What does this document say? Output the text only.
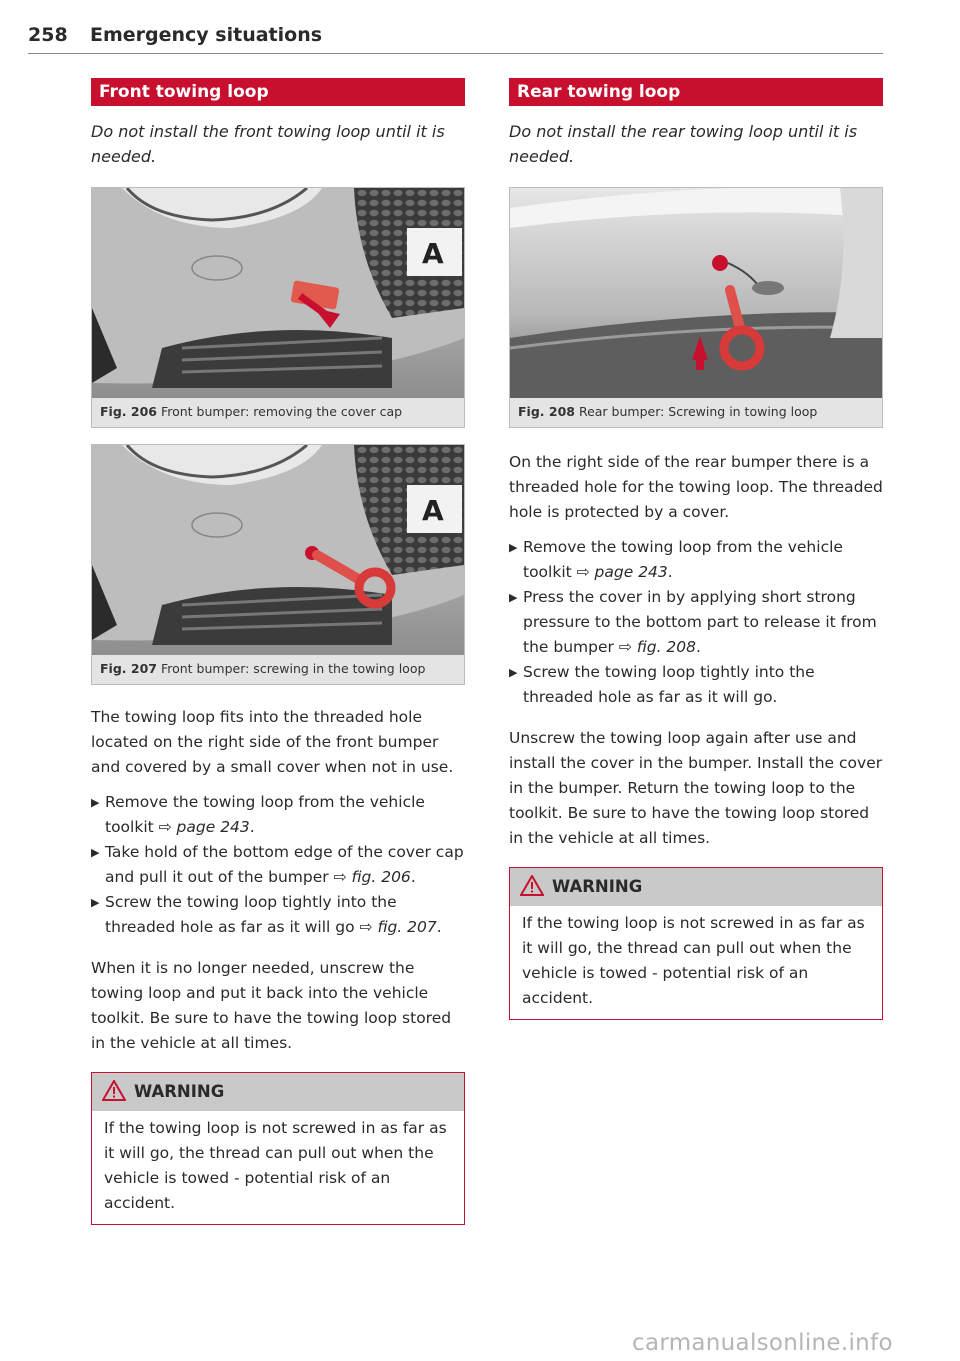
258 Emergency situations
Front towing loop
Do not install the front towing loop until it is needed.
A
Fig. 206 Front bumper: removing the cover cap
A
Fig. 207 Front bumper: screwing in the towing loop

The towing loop fits into the threaded hole located on the right side of the front bumper and covered by a small cover when not in use.

▶ Remove the towing loop from the vehicle toolkit ⇨ page 243.
▶ Take hold of the bottom edge of the cover cap and pull it out of the bumper ⇨ fig. 206.
▶ Screw the towing loop tightly into the threaded hole as far as it will go ⇨ fig. 207.

When it is no longer needed, unscrew the towing loop and put it back into the vehicle toolkit. Be sure to have the towing loop stored in the vehicle at all times.

WARNING
If the towing loop is not screwed in as far as it will go, the thread can pull out when the vehicle is towed - potential risk of an accident.
Rear towing loop
Do not install the rear towing loop until it is needed.
Fig. 208 Rear bumper: Screwing in towing loop

On the right side of the rear bumper there is a threaded hole for the towing loop. The threaded hole is protected by a cover.

▶ Remove the towing loop from the vehicle toolkit ⇨ page 243.
▶ Press the cover in by applying short strong pressure to the bottom part to release it from the bumper ⇨ fig. 208.
▶ Screw the towing loop tightly into the threaded hole as far as it will go.

Unscrew the towing loop again after use and install the cover in the bumper. Install the cover in the bumper. Return the towing loop to the toolkit. Be sure to have the towing loop stored in the vehicle at all times.

WARNING
If the towing loop is not screwed in as far as it will go, the thread can pull out when the vehicle is towed - potential risk of an accident.
carmanualsonline.info
